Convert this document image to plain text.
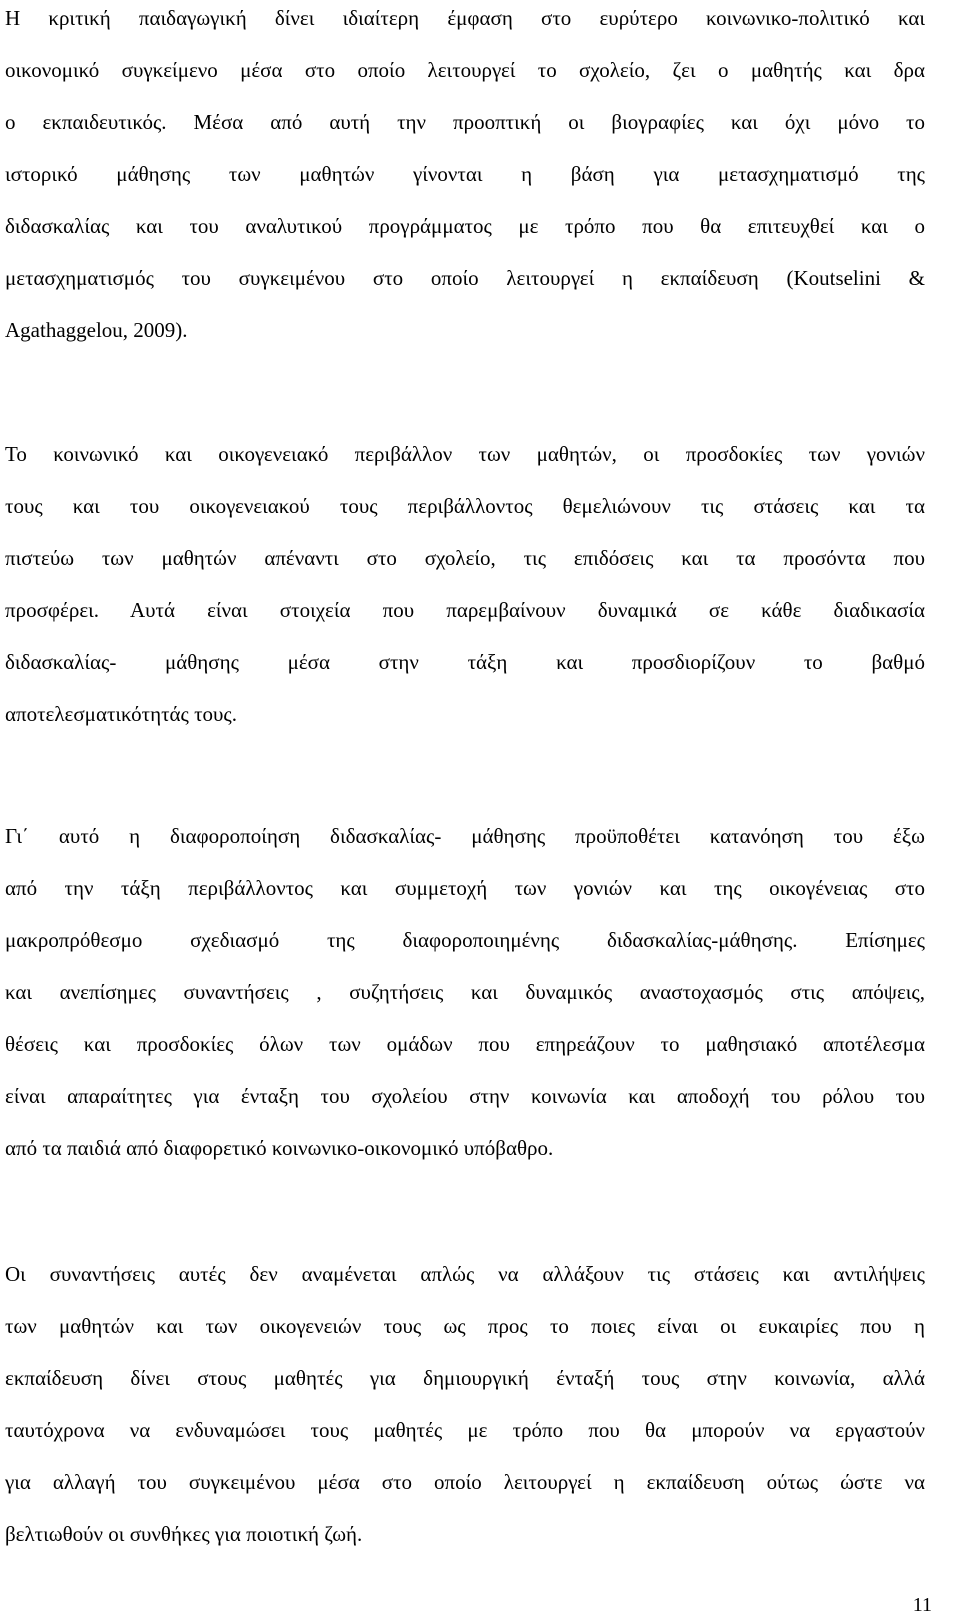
Η κριτική παιδαγωγική δίνει ιδιαίτερη έμφαση στο ευρύτερο κοινωνικο-πολιτικό και
οικονομικό συγκείμενο μέσα στο οποίο λειτουργεί το σχολείο, ζει ο μαθητής και δρα
ο εκπαιδευτικός. Μέσα από αυτή την προοπτική οι βιογραφίες και όχι μόνο το
ιστορικό μάθησης των μαθητών γίνονται η βάση για μετασχηματισμό της
διδασκαλίας και του αναλυτικού προγράμματος με τρόπο που θα επιτευχθεί και ο
μετασχηματισμός του συγκειμένου στο οποίο λειτουργεί η εκπαίδευση (Koutselini &
Agathaggelou, 2009).
Το κοινωνικό και οικογενειακό περιβάλλον των μαθητών, οι προσδοκίες των γονιών
τους και του οικογενειακού τους περιβάλλοντος θεμελιώνουν τις στάσεις και τα
πιστεύω των μαθητών απέναντι στο σχολείο, τις επιδόσεις και τα προσόντα που
προσφέρει. Αυτά είναι στοιχεία που παρεμβαίνουν δυναμικά σε κάθε διαδικασία
διδασκαλίας- μάθησης μέσα στην τάξη και προσδιορίζουν το βαθμό
αποτελεσματικότητάς τους.
Γι΄ αυτό η διαφοροποίηση διδασκαλίας- μάθησης προϋποθέτει κατανόηση του έξω
από την τάξη περιβάλλοντος και συμμετοχή των γονιών και της οικογένειας στο
μακροπρόθεσμο σχεδιασμό της διαφοροποιημένης διδασκαλίας-μάθησης. Επίσημες
και ανεπίσημες συναντήσεις , συζητήσεις και δυναμικός αναστοχασμός στις απόψεις,
θέσεις και προσδοκίες όλων των ομάδων που επηρεάζουν το μαθησιακό αποτέλεσμα
είναι απαραίτητες για ένταξη του σχολείου στην κοινωνία και αποδοχή του ρόλου του
από τα παιδιά από διαφορετικό κοινωνικο-οικονομικό υπόβαθρο.
Οι συναντήσεις αυτές δεν αναμένεται απλώς να αλλάξουν τις στάσεις και αντιλήψεις
των μαθητών και των οικογενειών τους ως προς το ποιες είναι οι ευκαιρίες που η
εκπαίδευση δίνει στους μαθητές για δημιουργική ένταξή τους στην κοινωνία, αλλά
ταυτόχρονα να ενδυναμώσει τους μαθητές με τρόπο που θα μπορούν να εργαστούν
για αλλαγή του συγκειμένου μέσα στο οποίο λειτουργεί η εκπαίδευση ούτως ώστε να
βελτιωθούν οι συνθήκες για ποιοτική ζωή.
11
